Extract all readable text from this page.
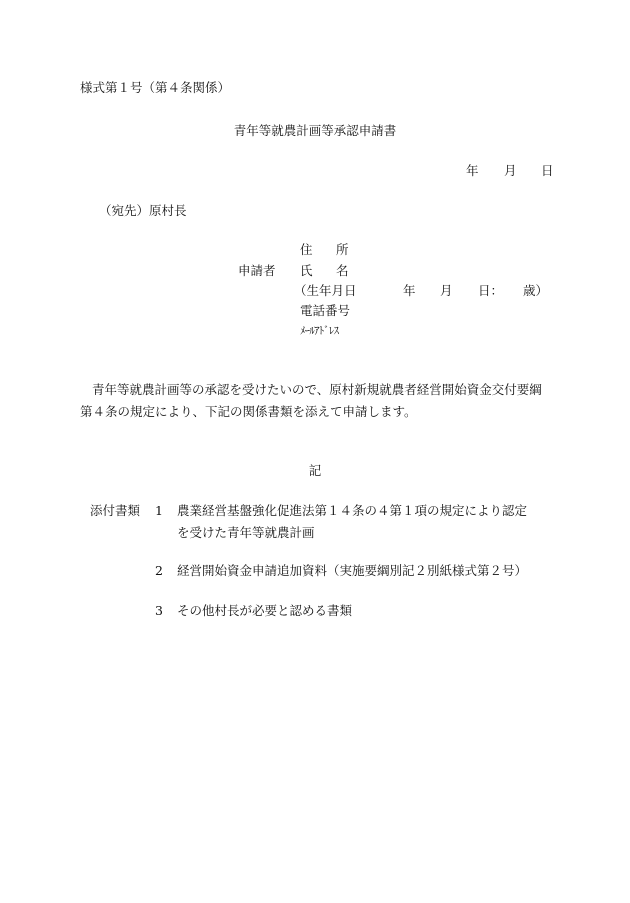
様式第１号（第４条関係）
青年等就農計画等承認申請書
年 月 日
（宛先）原村長
申請者
住 所
氏 名
（生年月日	年 月 日： 歳）
電話番号
ﾒｰﾙｱﾄﾞﾚｽ
青年等就農計画等の承認を受けたいので、原村新規就農者経営開始資金交付要綱第４条の規定により、下記の関係書類を添えて申請します。
記
添付書類 1 農業経営基盤強化促進法第１４条の４第１項の規定により認定を受けた青年等就農計画
2 経営開始資金申請追加資料（実施要綱別記２別紙様式第２号）
3 その他村長が必要と認める書類
